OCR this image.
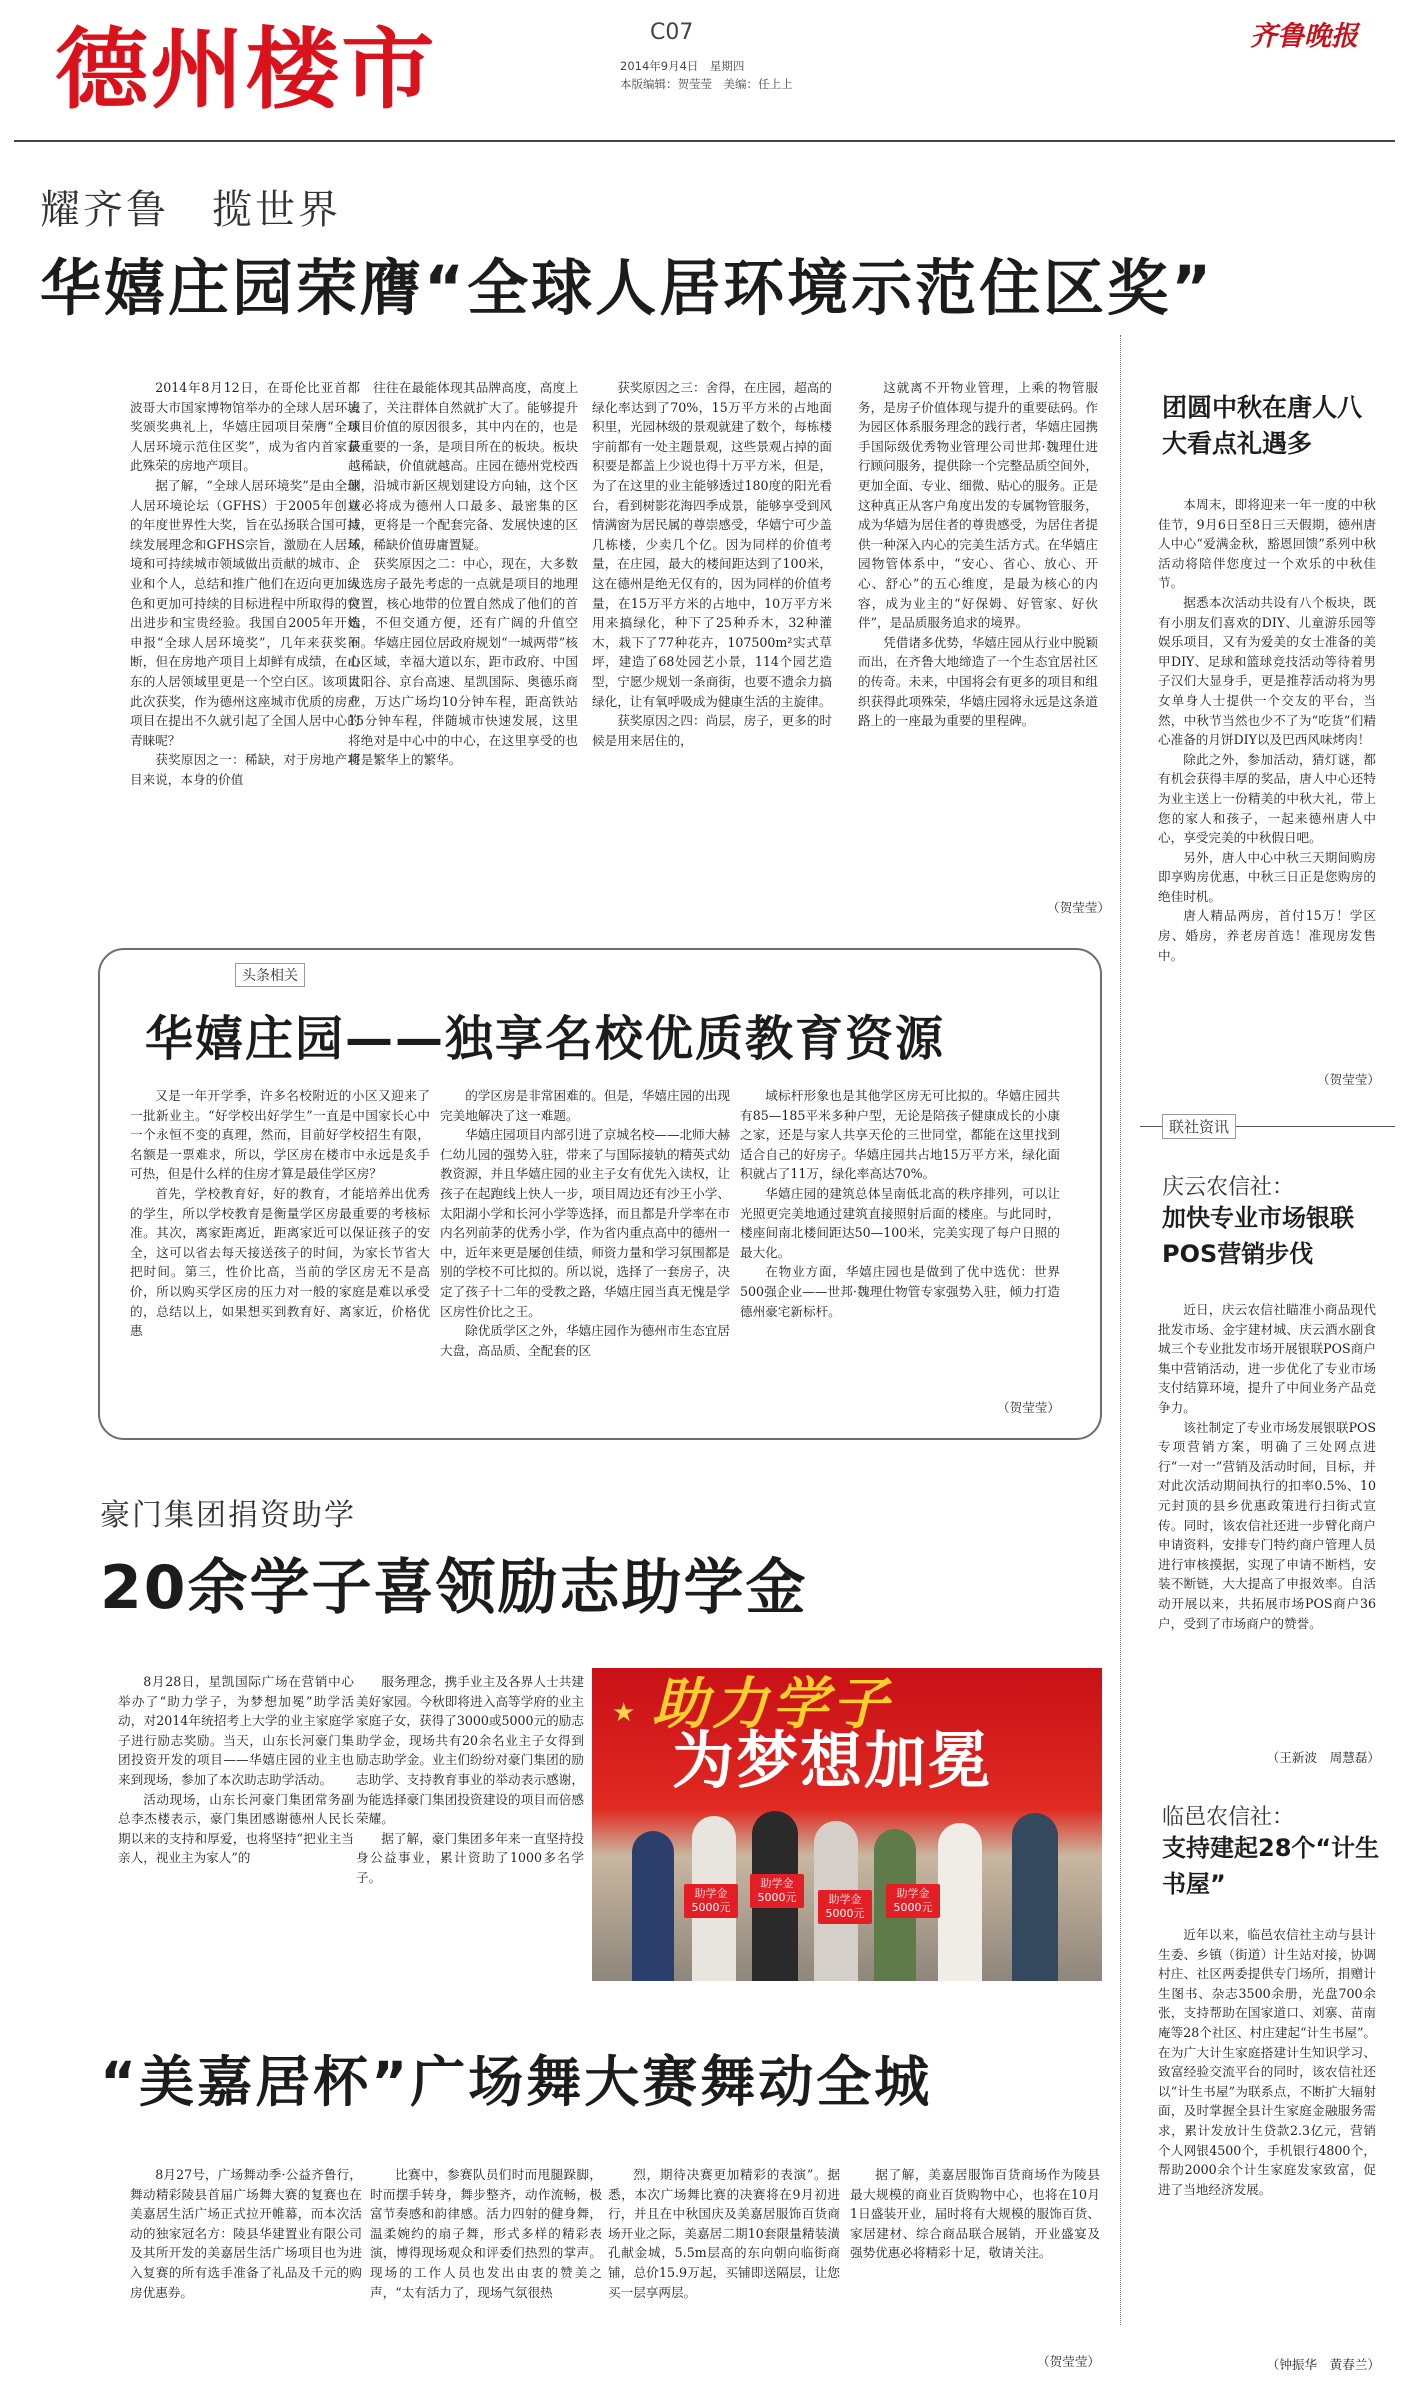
德州楼市	C07
2014年9月4日　星期四
本版编辑：贺莹莹　美编：任上上
齐鲁晚报
耀齐鲁　揽世界
华嬉庄园荣膺“全球人居环境示范住区奖”

2014年8月12日，在哥伦比亚首都波哥大市国家博物馆举办的全球人居环境奖颁奖典礼上，华嬉庄园项目荣膺“全球人居环境示范住区奖”，成为省内首家获此殊荣的房地产项目。

据了解，“全球人居环境奖”是由全球人居环境论坛（GFHS）于2005年创立的年度世界性大奖，旨在弘扬联合国可持续发展理念和GFHS宗旨，激励在人居环境和可持续城市领域做出贡献的城市、企业和个人，总结和推广他们在迈向更加绿色和更加可持续的目标进程中所取得的突出进步和宝贵经验。我国自2005年开始申报“全球人居环境奖”，几年来获奖不断，但在房地产项目上却鲜有成绩，在山东的人居领域里更是一个空白区。该项目此次获奖，作为德州这座城市优质的房产项目在提出不久就引起了全国人居中心的青睐呢？

获奖原因之一：稀缺，对于房地产项目来说，本身的价值

往往在最能体现其品牌高度，高度上去了，关注群体自然就扩大了。能够提升项目价值的原因很多，其中内在的，也是最重要的一条，是项目所在的板块。板块越稀缺，价值就越高。庄园在德州党校西侧，沿城市新区规划建设方向轴，这个区域必将成为德州人口最多、最密集的区域，更将是一个配套完备、发展快速的区域，稀缺价值毋庸置疑。

获奖原因之二：中心，现在，大多数人选房子最先考虑的一点就是项目的地理位置，核心地带的位置自然成了他们的首选，不但交通方便，还有广阔的升值空间。华嬉庄园位居政府规划“一城两带”核心区域，幸福大道以东，距市政府、中国太阳谷、京台高速、星凯国际、奥德乐商业，万达广场均10分钟车程，距高铁站15分钟车程，伴随城市快速发展，这里将绝对是中心中的中心，在这里享受的也将是繁华上的繁华。

获奖原因之三：舍得，在庄园，超高的绿化率达到了70%，15万平方米的占地面积里，光园林级的景观就建了数个，每栋楼宇前都有一处主题景观，这些景观占掉的面积要是都盖上少说也得十万平方米，但是，为了在这里的业主能够透过180度的阳光看台，看到树影花海四季成景，能够享受到风情满窗为居民属的尊崇感受，华嬉宁可少盖几栋楼，少卖几个亿。因为同样的价值考量，在庄园，最大的楼间距达到了100米，这在德州是绝无仅有的，因为同样的价值考量，在15万平方米的占地中，10万平方米用来搞绿化，种下了25种乔木，32种灌木，栽下了77种花卉，107500m²实式草坪，建造了68处园艺小景，114个园艺造型，宁愿少规划一条商街，也要不遗余力搞绿化，让有氧呼吸成为健康生活的主旋律。

获奖原因之四：尚层，房子，更多的时候是用来居住的，

这就离不开物业管理，上乘的物管服务，是房子价值体现与提升的重要砝码。作为园区体系服务理念的践行者，华嬉庄园携手国际级优秀物业管理公司世邦·魏理仕进行顾问服务，提供除一个完整品质空间外，更加全面、专业、细微、贴心的服务。正是这种真正从客户角度出发的专属物管服务，成为华嬉为居住者的尊贵感受，为居住者提供一种深入内心的完美生活方式。在华嬉庄园物管体系中，“安心、省心、放心、开心、舒心”的五心维度，是最为核心的内容，成为业主的“好保姆、好管家、好伙伴”，是品质服务追求的境界。

凭借诸多优势，华嬉庄园从行业中脱颖而出，在齐鲁大地缔造了一个生态宜居社区的传奇。未来，中国将会有更多的项目和组织获得此项殊荣，华嬉庄园将永远是这条道路上的一座最为重要的里程碑。

（贺莹莹）
头条相关
华嬉庄园——独享名校优质教育资源

又是一年开学季，许多名校附近的小区又迎来了一批新业主。“好学校出好学生”一直是中国家长心中一个永恒不变的真理，然而，目前好学校招生有限，名额是一票难求，所以，学区房在楼市中永远是炙手可热，但是什么样的住房才算是最佳学区房？

首先，学校教育好，好的教育，才能培养出优秀的学生，所以学校教育是衡量学区房最重要的考核标准。其次，离家距离近，距离家近可以保证孩子的安全，这可以省去每天接送孩子的时间，为家长节省大把时间。第三，性价比高，当前的学区房无不是高价，所以购买学区房的压力对一般的家庭是难以承受的，总结以上，如果想买到教育好、离家近，价格优惠

的学区房是非常困难的。但是，华嬉庄园的出现完美地解决了这一难题。

华嬉庄园项目内部引进了京城名校——北师大赫仁幼儿园的强势入驻，带来了与国际接轨的精英式幼教资源，并且华嬉庄园的业主子女有优先入读权，让孩子在起跑线上快人一步，项目周边还有沙王小学、太阳湖小学和长河小学等选择，而且都是升学率在市内名列前茅的优秀小学，作为省内重点高中的德州一中，近年来更是屡创佳绩，师资力量和学习氛围都是别的学校不可比拟的。所以说，选择了一套房子，决定了孩子十二年的受教之路，华嬉庄园当真无愧是学区房性价比之王。

除优质学区之外，华嬉庄园作为德州市生态宜居大盘，高品质、全配套的区

域标杆形象也是其他学区房无可比拟的。华嬉庄园共有85—185平米多种户型，无论是陪孩子健康成长的小康之家，还是与家人共享天伦的三世同堂，都能在这里找到适合自己的好房子。华嬉庄园共占地15万平方米，绿化面积就占了11万，绿化率高达70%。

华嬉庄园的建筑总体呈南低北高的秩序排列，可以让光照更完美地通过建筑直接照射后面的楼座。与此同时，楼座间南北楼间距达50—100米，完美实现了每户日照的最大化。

在物业方面，华嬉庄园也是做到了优中选优：世界500强企业——世邦·魏理仕物管专家强势入驻，倾力打造德州豪宅新标杆。

（贺莹莹）
豪门集团捐资助学
20余学子喜领励志助学金

8月28日，星凯国际广场在营销中心举办了“助力学子，为梦想加冕”助学活动，对2014年统招考上大学的业主家庭学子进行励志奖励。当天，山东长河豪门集团投资开发的项目——华嬉庄园的业主也来到现场，参加了本次助志助学活动。

活动现场，山东长河豪门集团常务副总李杰楼表示，豪门集团感谢德州人民长期以来的支持和厚爱，也将坚持“把业主当亲人，视业主为家人”的

服务理念，携手业主及各界人士共建美好家园。今秋即将进入高等学府的业主家庭子女，获得了3000或5000元的励志助学金，现场共有20余名业主子女得到励志助学金。业主们纷纷对豪门集团的励志助学、支持教育事业的举动表示感谢，为能选择豪门集团投资建设的项目而倍感荣耀。

据了解，豪门集团多年来一直坚持投身公益事业，累计资助了1000多名学子。

助力学子
为梦想加冕
★
助学金
5000元
助学金
5000元	助学金
5000元
助学金
5000元
“美嘉居杯”广场舞大赛舞动全城

8月27号，广场舞动季·公益齐鲁行，舞动精彩陵县首届广场舞大赛的复赛也在美嘉居生活广场正式拉开帷幕，而本次活动的独家冠名方：陵县华建置业有限公司及其所开发的美嘉居生活广场项目也为进入复赛的所有选手准备了礼品及千元的购房优惠券。

比赛中，参赛队员们时而甩腿跺脚，时而摆手转身，舞步整齐，动作流畅，极富节奏感和韵律感。活力四射的健身舞，温柔婉约的扇子舞，形式多样的精彩表演，博得现场观众和评委们热烈的掌声。现场的工作人员也发出由衷的赞美之声，“太有活力了，现场气氛很热

烈，期待决赛更加精彩的表演”。据悉，本次广场舞比赛的决赛将在9月初进行，并且在中秋国庆及美嘉居服饰百货商场开业之际，美嘉居二期10套限量精装潢孔献金城，5.5m层高的东向朝向临街商铺，总价15.9万起，买铺即送隔层，让您买一层享两层。

据了解，美嘉居服饰百货商场作为陵县最大规模的商业百货购物中心，也将在10月1日盛装开业，届时将有大规模的服饰百货、家居建材、综合商品联合展销，开业盛宴及强势优惠必将精彩十足，敬请关注。

（贺莹莹）
团圆中秋在唐人八大看点礼遇多

本周末，即将迎来一年一度的中秋佳节，9月6日至8日三天假期，德州唐人中心“爱满金秋，豁恩回馈”系列中秋活动将陪伴您度过一个欢乐的中秋佳节。

据悉本次活动共设有八个板块，既有小朋友们喜欢的DIY、儿童游乐园等娱乐项目，又有为爱美的女士准备的美甲DIY、足球和篮球竞技活动等待着男子汉们大显身手，更是推荐活动将为男女单身人士提供一个交友的平台，当然，中秋节当然也少不了为“吃货”们精心准备的月饼DIY以及巴西风味烤肉！

除此之外，参加活动，猜灯谜，都有机会获得丰厚的奖品，唐人中心还特为业主送上一份精美的中秋大礼，带上您的家人和孩子，一起来德州唐人中心，享受完美的中秋假日吧。

另外，唐人中心中秋三天期间购房即享购房优惠，中秋三日正是您购房的绝佳时机。

唐人精品两房，首付15万！学区房、婚房，养老房首选！准现房发售中。

（贺莹莹）
联社资讯
庆云农信社：
加快专业市场银联POS营销步伐

近日，庆云农信社瞄准小商品现代批发市场、金宇建材城、庆云酒水副食城三个专业批发市场开展银联POS商户集中营销活动，进一步优化了专业市场支付结算环境，提升了中间业务产品竞争力。

该社制定了专业市场发展银联POS专项营销方案，明确了三处网点进行“一对一”营销及活动时间，目标，并对此次活动期间执行的扣率0.5%、10元封顶的县乡优惠政策进行扫街式宣传。同时，该农信社还进一步臂化商户申请资料，安排专门特约商户管理人员进行审核摸据，实现了申请不断档，安装不断链，大大提高了申报效率。自活动开展以来，共拓展市场POS商户36户，受到了市场商户的赞誉。

（王新波　周慧磊）
临邑农信社：
支持建起28个“计生书屋”

近年以来，临邑农信社主动与县计生委、乡镇（街道）计生站对接，协调村庄、社区两委提供专门场所，捐赠计生图书、杂志3500余册，光盘700余张，支持帮助在国家道口、刘寨、苗南庵等28个社区、村庄建起“计生书屋”。在为广大计生家庭搭建计生知识学习、致富经验交流平台的同时，该农信社还以“计生书屋”为联系点，不断扩大辐射面，及时掌握全县计生家庭金融服务需求，累计发放计生贷款2.3亿元，营销个人网银4500个，手机银行4800个，帮助2000余个计生家庭发家致富，促进了当地经济发展。

（钟振华　黄春兰）
